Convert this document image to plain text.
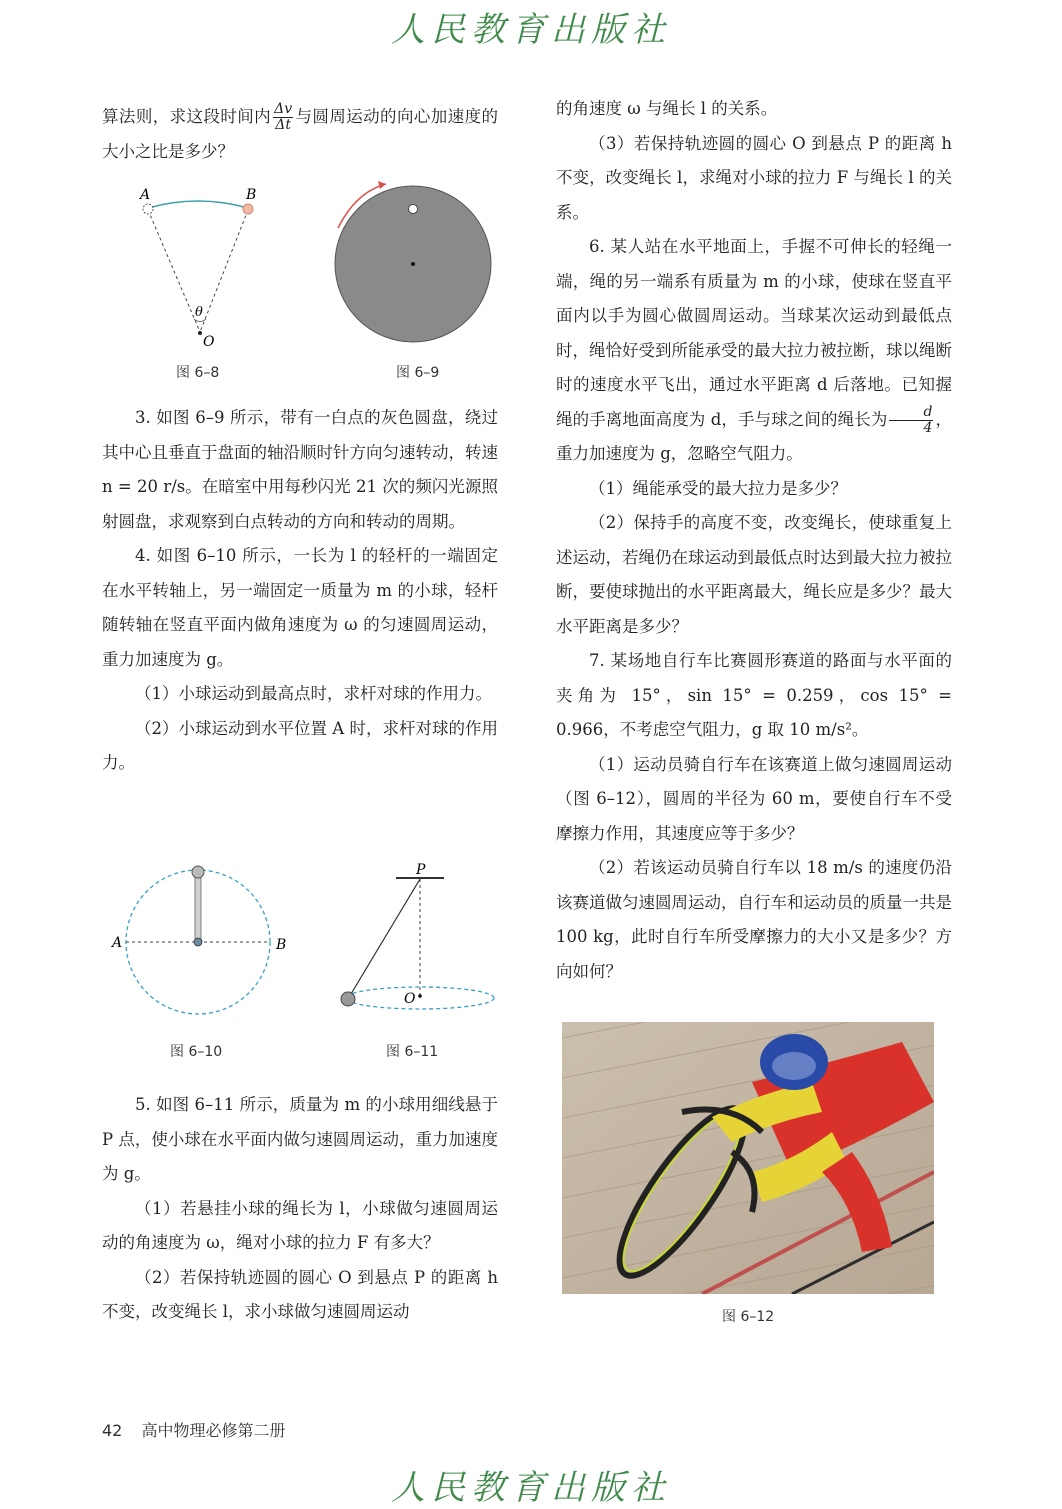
人民教育出版社
人民教育出版社

算法则，求这段时间内 $\frac{\Delta v}{\Delta t}$ 与圆周运动的向心加速度的大小之比是多少？

A	B
θ
O
图 6–8	图 6–9

3. 如图 6–9 所示，带有一白点的灰色圆盘，绕过其中心且垂直于盘面的轴沿顺时针方向匀速转动，转速 n = 20 r/s。在暗室中用每秒闪光 21 次的频闪光源照射圆盘，求观察到白点转动的方向和转动的周期。

4. 如图 6–10 所示，一长为 l 的轻杆的一端固定在水平转轴上，另一端固定一质量为 m 的小球，轻杆随转轴在竖直平面内做角速度为 ω 的匀速圆周运动，重力加速度为 g。

（1）小球运动到最高点时，求杆对球的作用力。

（2）小球运动到水平位置 A 时，求杆对球的作用力。

A	B
图 6–10
P
O
图 6–11

5. 如图 6–11 所示，质量为 m 的小球用细线悬于 P 点，使小球在水平面内做匀速圆周运动，重力加速度为 g。

（1）若悬挂小球的绳长为 l，小球做匀速圆周运动的角速度为 ω，绳对小球的拉力 F 有多大？

（2）若保持轨迹圆的圆心 O 到悬点 P 的距离 h 不变，改变绳长 l，求小球做匀速圆周运动

的角速度 ω 与绳长 l 的关系。

（3）若保持轨迹圆的圆心 O 到悬点 P 的距离 h 不变，改变绳长 l，求绳对小球的拉力 F 与绳长 l 的关系。

6. 某人站在水平地面上，手握不可伸长的轻绳一端，绳的另一端系有质量为 m 的小球，使球在竖直平面内以手为圆心做圆周运动。当球某次运动到最低点时，绳恰好受到所能承受的最大拉力被拉断，球以绳断时的速度水平飞出，通过水平距离 d 后落地。已知握绳的手离地面高度为 d，手与球之间的绳长为 $\frac{d}{4}$ ，重力加速度为 g，忽略空气阻力。

（1）绳能承受的最大拉力是多少？

（2）保持手的高度不变，改变绳长，使球重复上述运动，若绳仍在球运动到最低点时达到最大拉力被拉断，要使球抛出的水平距离最大，绳长应是多少？最大水平距离是多少？

7. 某场地自行车比赛圆形赛道的路面与水平面的夹角为 15°，sin 15° = 0.259，cos 15° = 0.966，不考虑空气阻力，g 取 10 m/s²。

（1）运动员骑自行车在该赛道上做匀速圆周运动（图 6–12），圆周的半径为 60 m，要使自行车不受摩擦力作用，其速度应等于多少？

（2）若该运动员骑自行车以 18 m/s 的速度仍沿该赛道做匀速圆周运动，自行车和运动员的质量一共是 100 kg，此时自行车所受摩擦力的大小又是多少？方向如何？

图 6–12
42 高中物理必修第二册
